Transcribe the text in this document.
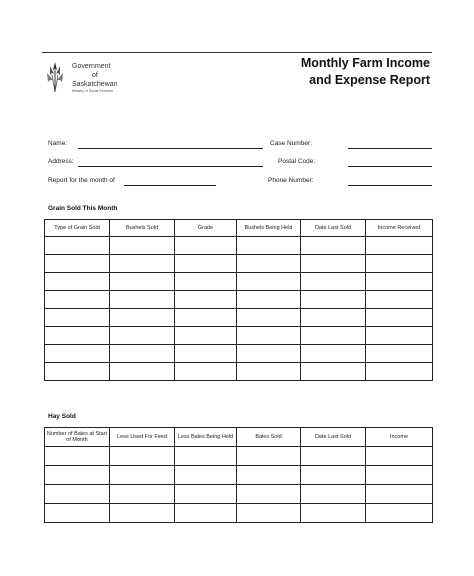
Government
of
Saskatchewan
Ministry of Social Services
Monthly Farm Income
and Expense Report
Name:	Case Number:
Address:	Postal Code:
Report for the month of	Phone Number:
Grain Sold This Month
Type of Grain Sold	Bushels Sold	Grade	Bushels Being Held	Date Last Sold	Income Received

Hay Sold
Number of Bales at Start of Month	Less Used For Feed	Less Bales Being Held	Bales Sold	Date Last Sold	Income
